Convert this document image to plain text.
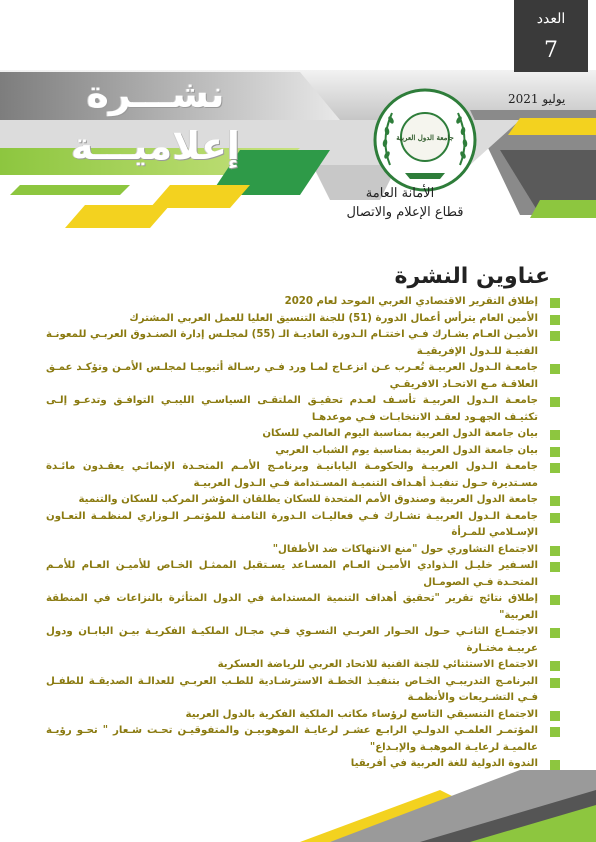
العدد
7
نشـــرة إعلاميـــة
يوليو 2021
جامعة الدول العربية
الأمانة العامة
قطاع الإعلام والاتصال
عناوين النشرة
إطلاق التقرير الاقتصادي العربي الموحد لعام 2020
الأمين العام يترأس أعمال الدورة (51) للجنة التنسيق العليا للعمل العربي المشترك
الأميـن العـام يشـارك فـي اختتـام الـدورة العاديـة الـ (55) لمجلـس إدارة الصنـدوق العربـي للمعونـة الفنيـة للـدول الإفريقيـة
جامعـة الـدول العربيـة تُعـرب عـن انزعـاج لمـا ورد فـي رسـالة أثيوبيـا لمجلـس الأمـن وتؤكـد عمـق العلاقـة مـع الاتحـاد الافريقـي
جامعـة الـدول العربيـة تأسـف لعـدم تحقيـق الملتقـى السياسـي الليبـي التوافـق وتدعـو إلـى تكثيـف الجهـود لعقـد الانتخابـات فـي موعدهـا
بيان جامعة الدول العربية بمناسبة اليوم العالمي للسكان
بيان جامعة الدول العربية بمناسبة يوم الشباب العربي
جامعـة الـدول العربيـة والحكومـة اليابانيـة وبرنامـج الأمـم المتحـدة الإنمائـي يعقـدون مائـدة مسـتديرة حـول تنفيـذ أهـداف التنميـة المسـتدامة فـي الـدول العربيـة
جامعة الدول العربية وصندوق الأمم المتحدة للسكان يطلقان المؤشر المركب للسكان والتنمية
جامعـة الـدول العربيـة تشـارك فـي فعاليـات الـدورة الثامنـة للمؤتمـر الـوزاري لمنظمـة التعـاون الإسـلامي للمـرأة
الاجتماع التشاوري حول "منع الانتهاكات ضد الأطفال"
السـفير خليـل الـذوادي الأميـن العـام المسـاعد يسـتقبل الممثـل الخـاص للأميـن العـام للأمـم المتحـدة فـي الصومـال
إطلاق نتائج تقرير "تحقيق أهداف التنمية المستدامة في الدول المتأثرة بالنزاعات في المنطقة العربية"
الاجتمـاع الثانـي حـول الحـوار العربـي النسـوي فـي مجـال الملكيـة الفكريـة بيـن اليابـان ودول عربيـة مختـارة
الاجتماع الاستثنائي للجنة الفنية للاتحاد العربي للرياضة العسكرية
البرنامـج التدريبـي الخـاص بتنفيـذ الخطـة الاسترشـادية للطـب العربـي للعدالـة الصديقـة للطفـل فـي التشـريعات والأنظمـة
الاجتماع التنسيقي التاسع لرؤساء مكاتب الملكية الفكرية بالدول العربية
المؤتمـر العلمـي الدولـي الرابـع عشـر لرعايـة الموهوبيـن والمتفوقيـن تحـت شـعار " تحـو رؤيـة عالميـة لرعايـة الموهبـة والإبـداع"
الندوة الدولية للغة العربية في أفريقيا
